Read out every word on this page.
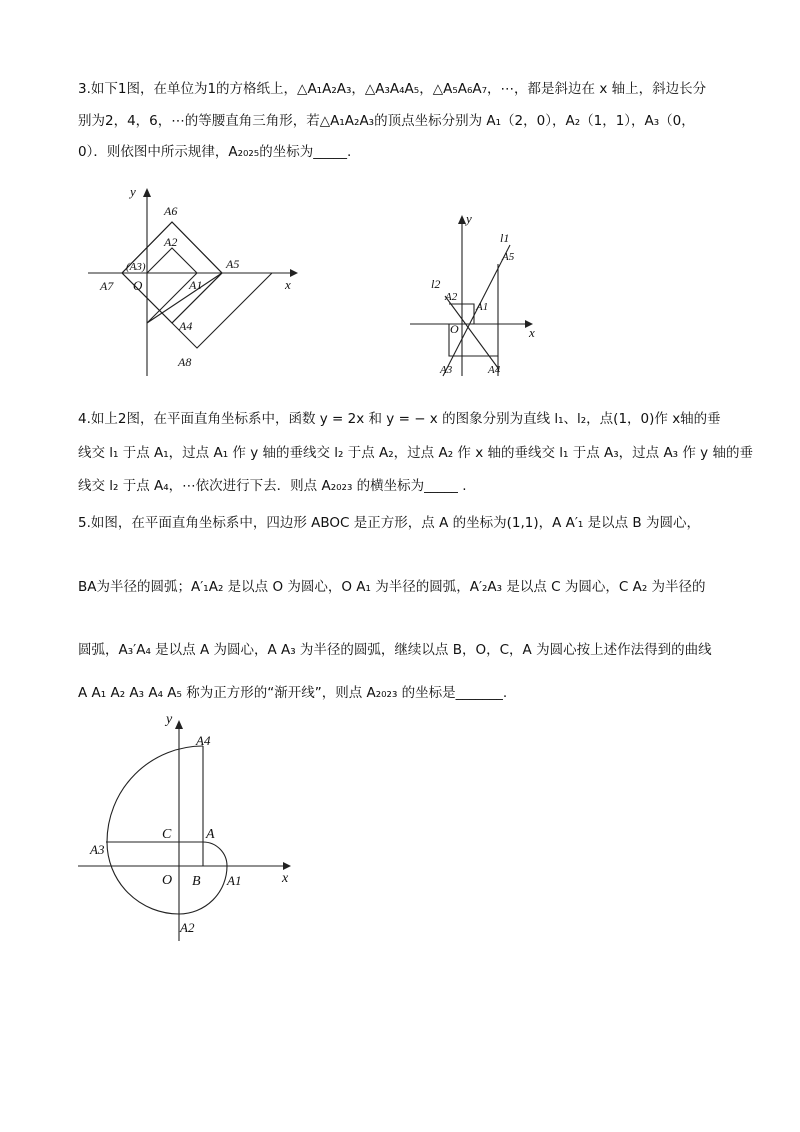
3.如下1图，在单位为1的方格纸上，△A₁A₂A₃，△A₃A₄A₅，△A₅A₆A₇，⋯，都是斜边在 x 轴上，斜边长分
别为2，4，6，⋯的等腰直角三角形，若△A₁A₂A₃的顶点坐标分别为 A₁（2，0），A₂（1，1），A₃（0，
0）．则依图中所示规律，A₂₀₂₅的坐标为_____.
y
x
O
A6
A2
(A3)	A5
A7	A1
A4
A8
y
x
O
l1
l2
A5
A2
A1
A3	A4
4.如上2图，在平面直角坐标系中，函数 y = 2x 和 y = − x 的图象分别为直线 l₁、l₂，点(1，0)作 x轴的垂
线交 l₁ 于点 A₁，过点 A₁ 作 y 轴的垂线交 l₂ 于点 A₂，过点 A₂ 作 x 轴的垂线交 l₁ 于点 A₃，过点 A₃ 作 y 轴的垂
线交 l₂ 于点 A₄，⋯依次进行下去．则点 A₂₀₂₃ 的横坐标为_____ .
5.如图，在平面直角坐标系中，四边形 ABOC 是正方形，点 A 的坐标为(1,1)，A A′₁ 是以点 B 为圆心，
BA为半径的圆弧；A′₁A₂ 是以点 O 为圆心，O A₁ 为半径的圆弧，A′₂A₃ 是以点 C 为圆心，C A₂ 为半径的
圆弧，A₃′A₄ 是以点 A 为圆心，A A₃ 为半径的圆弧，继续以点 B，O，C，A 为圆心按上述作法得到的曲线
A A₁ A₂ A₃ A₄ A₅ 称为正方形的“渐开线”，则点 A₂₀₂₃ 的坐标是_______.
y
x
O
A4
C A
A3
B A1
A2
